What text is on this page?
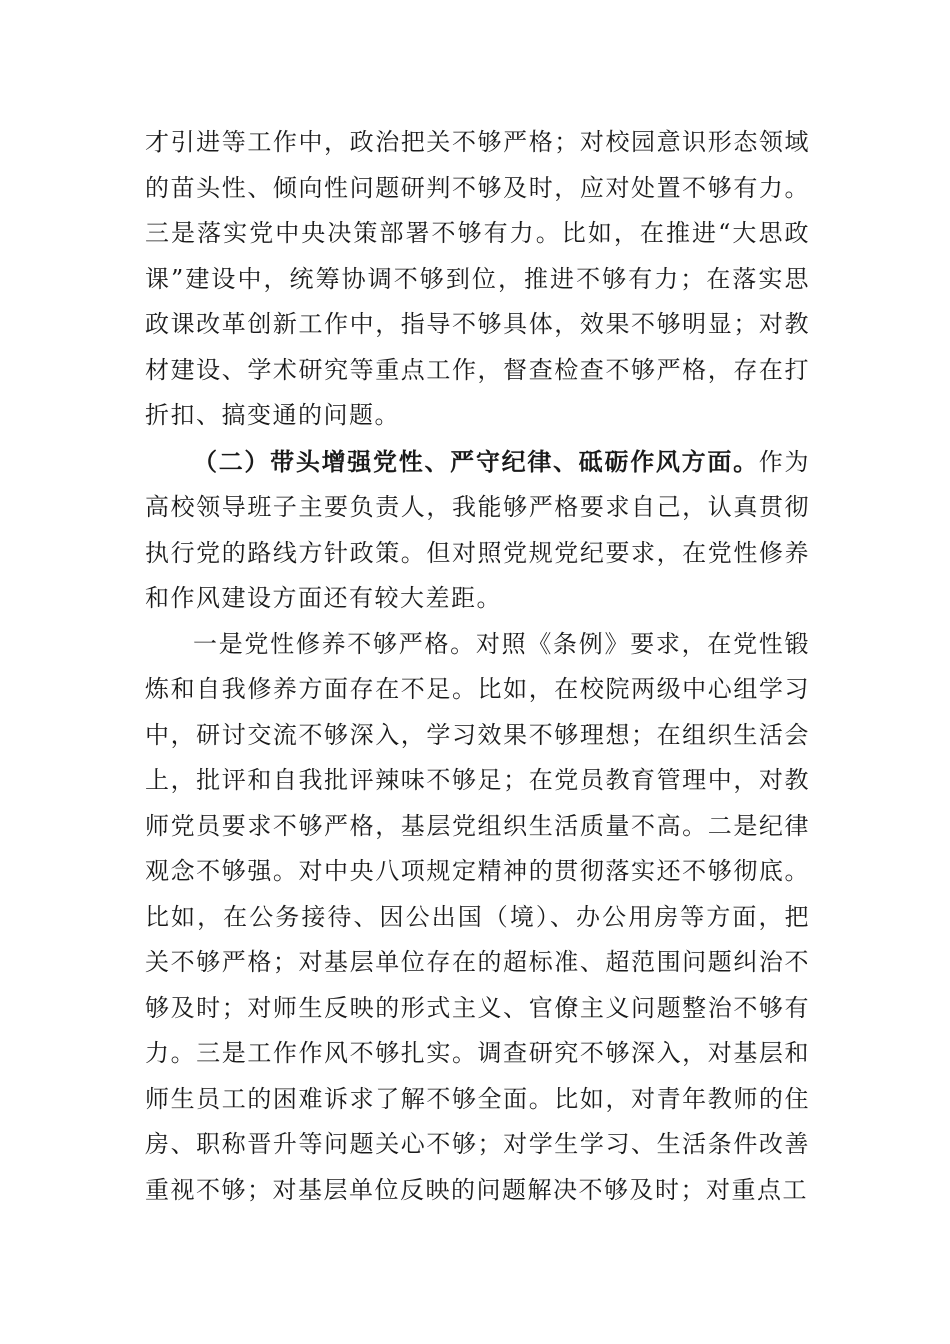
才引进等工作中，政治把关不够严格；对校园意识形态领域的苗头性、倾向性问题研判不够及时，应对处置不够有力。三是落实党中央决策部署不够有力。比如，在推进“大思政课”建设中，统筹协调不够到位，推进不够有力；在落实思政课改革创新工作中，指导不够具体，效果不够明显；对教材建设、学术研究等重点工作，督查检查不够严格，存在打折扣、搞变通的问题。

（二）带头增强党性、严守纪律、砥砺作风方面。作为高校领导班子主要负责人，我能够严格要求自己，认真贯彻执行党的路线方针政策。但对照党规党纪要求，在党性修养和作风建设方面还有较大差距。

一是党性修养不够严格。对照《条例》要求，在党性锻炼和自我修养方面存在不足。比如，在校院两级中心组学习中，研讨交流不够深入，学习效果不够理想；在组织生活会上，批评和自我批评辣味不够足；在党员教育管理中，对教师党员要求不够严格，基层党组织生活质量不高。二是纪律观念不够强。对中央八项规定精神的贯彻落实还不够彻底。比如，在公务接待、因公出国（境）、办公用房等方面，把关不够严格；对基层单位存在的超标准、超范围问题纠治不够及时；对师生反映的形式主义、官僚主义问题整治不够有力。三是工作作风不够扎实。调查研究不够深入，对基层和师生员工的困难诉求了解不够全面。比如，对青年教师的住房、职称晋升等问题关心不够；对学生学习、生活条件改善重视不够；对基层单位反映的问题解决不够及时；对重点工
